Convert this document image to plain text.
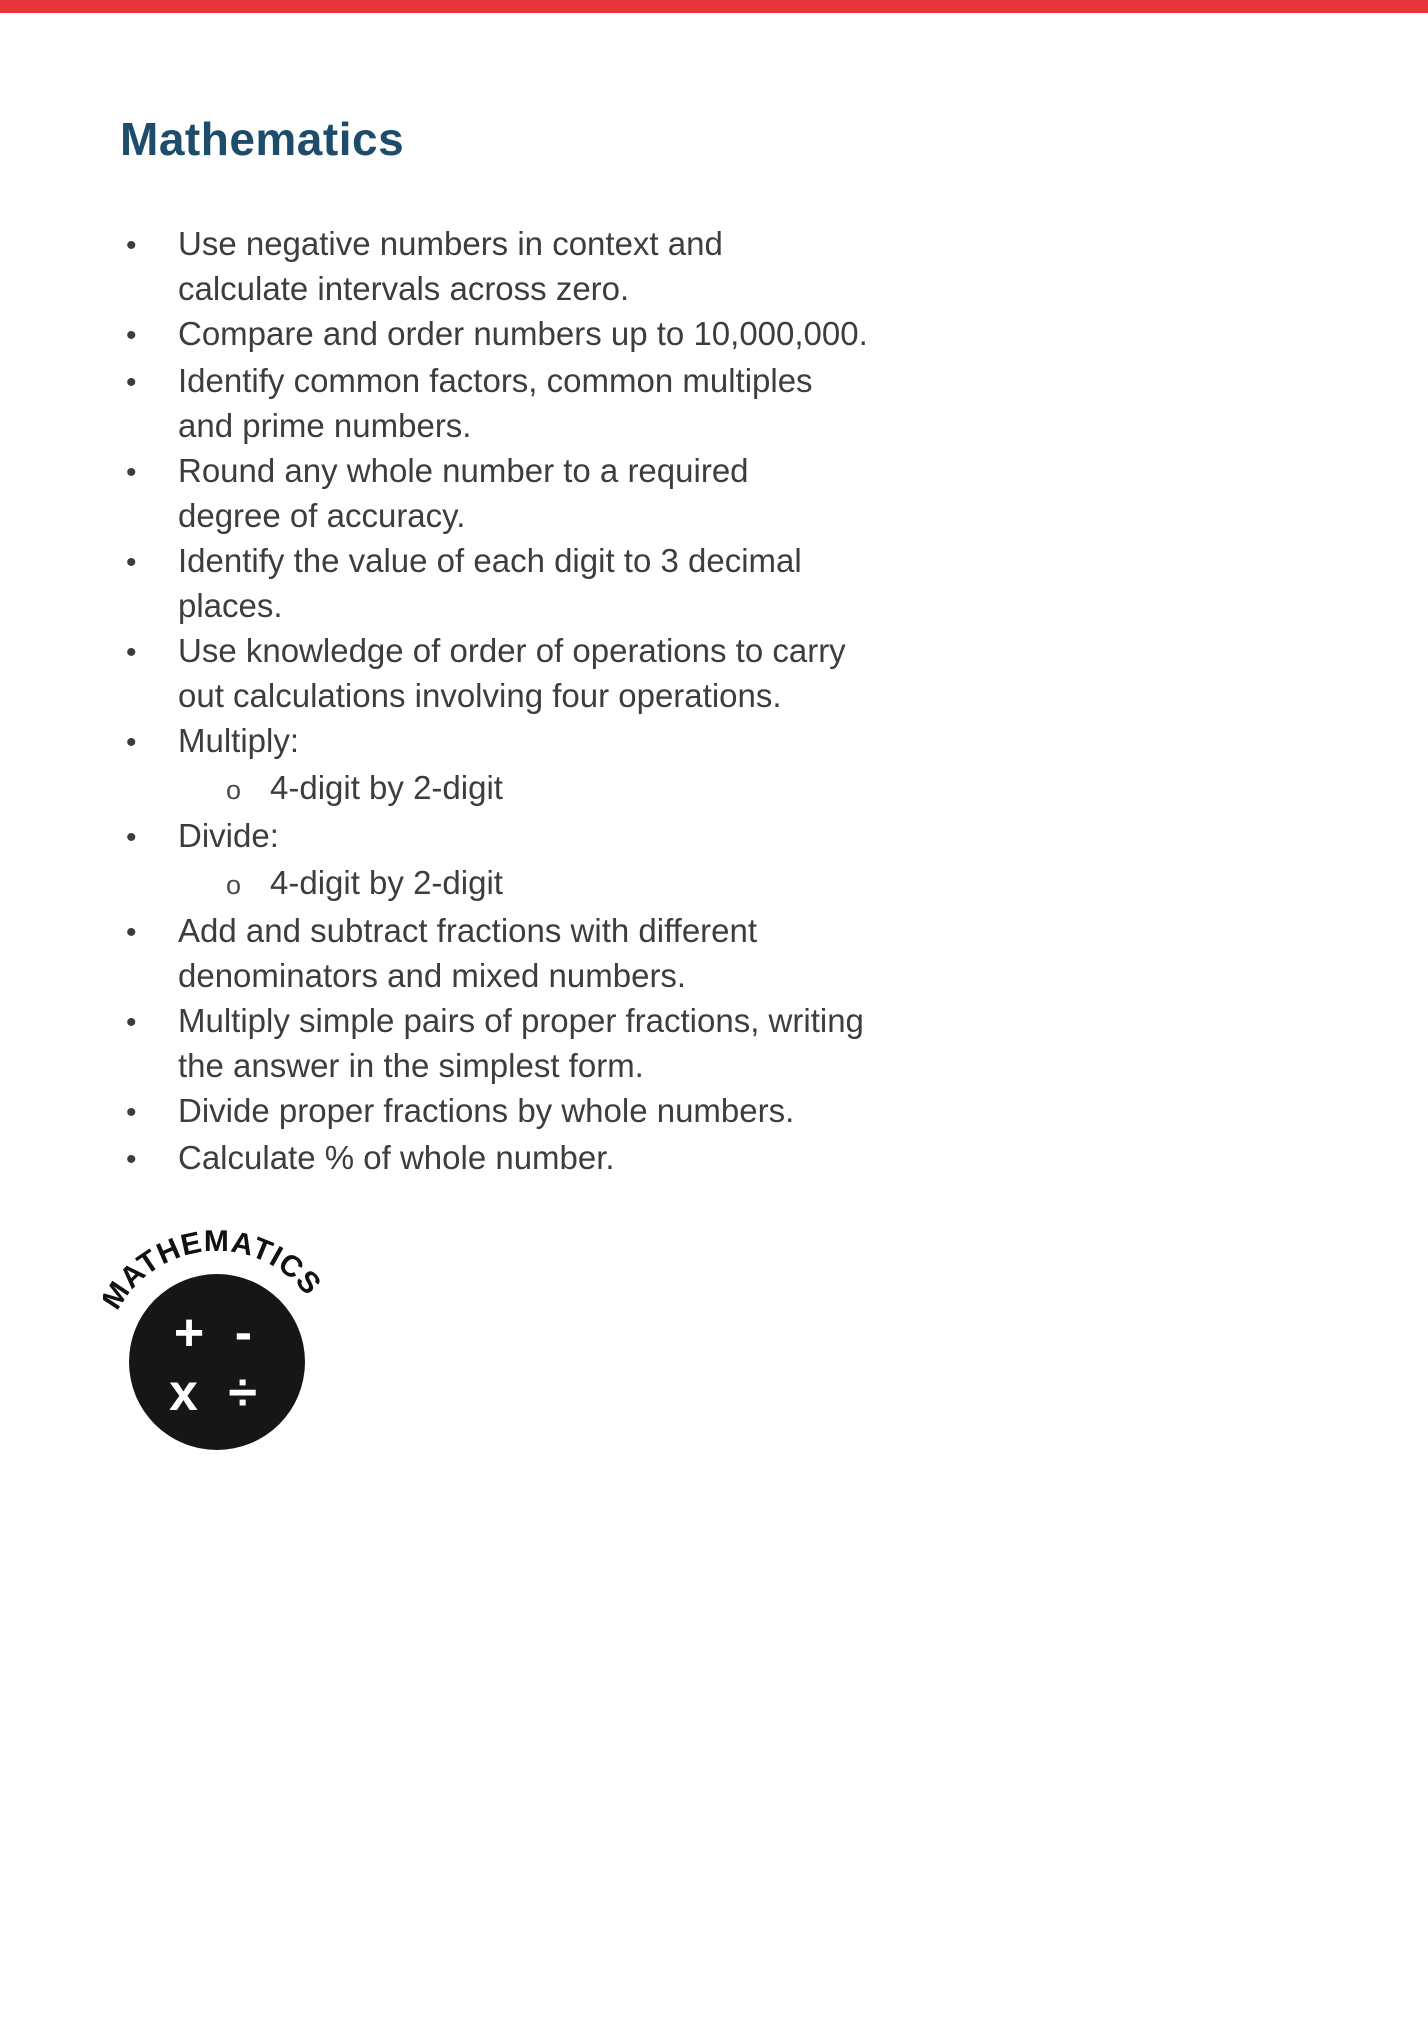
Mathematics
•
Use negative numbers in context and
calculate intervals across zero.
•
Compare and order numbers up to 10,000,000.
•
Identify common factors, common multiples
and prime numbers.
•
Round any whole number to a required
degree of accuracy.
•
Identify the value of each digit to 3 decimal
places.
•
Use knowledge of order of operations to carry
out calculations involving four operations.
•
Multiply:
o
4-digit by 2-digit
•
Divide:
o
4-digit by 2-digit
•
Add and subtract fractions with different
denominators and mixed numbers.
•
Multiply simple pairs of proper fractions, writing
the answer in the simplest form.
•
Divide proper fractions by whole numbers.
•
Calculate % of whole number.
ATHEMATICS
+ -
x ÷
